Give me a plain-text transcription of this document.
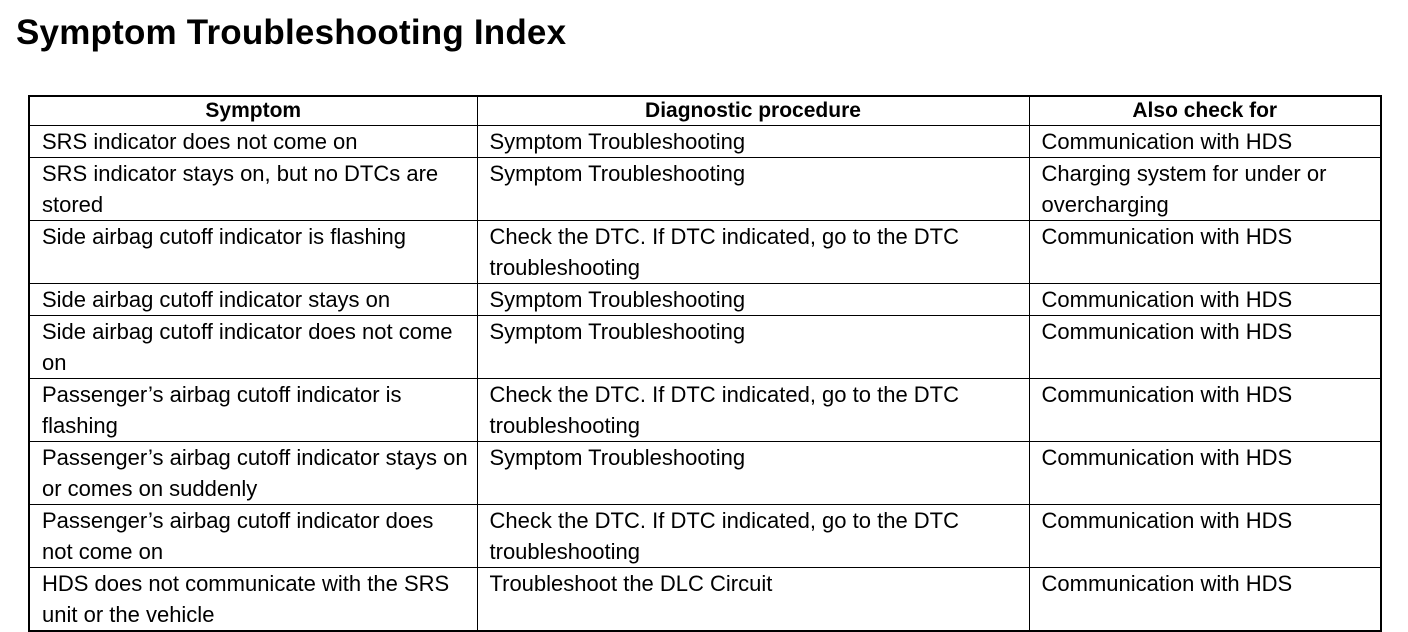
Symptom Troubleshooting Index
Symptom	Diagnostic procedure	Also check for
SRS indicator does not come on	Symptom Troubleshooting	Communication with HDS
SRS indicator stays on, but no DTCs are stored	Symptom Troubleshooting	Charging system for under or overcharging
Side airbag cutoff indicator is flashing	Check the DTC. If DTC indicated, go to the DTC troubleshooting	Communication with HDS
Side airbag cutoff indicator stays on	Symptom Troubleshooting	Communication with HDS
Side airbag cutoff indicator does not come on	Symptom Troubleshooting	Communication with HDS
Passenger’s airbag cutoff indicator is flashing	Check the DTC. If DTC indicated, go to the DTC troubleshooting	Communication with HDS
Passenger’s airbag cutoff indicator stays on or comes on suddenly	Symptom Troubleshooting	Communication with HDS
Passenger’s airbag cutoff indicator does not come on	Check the DTC. If DTC indicated, go to the DTC troubleshooting	Communication with HDS
HDS does not communicate with the SRS unit or the vehicle	Troubleshoot the DLC Circuit	Communication with HDS
